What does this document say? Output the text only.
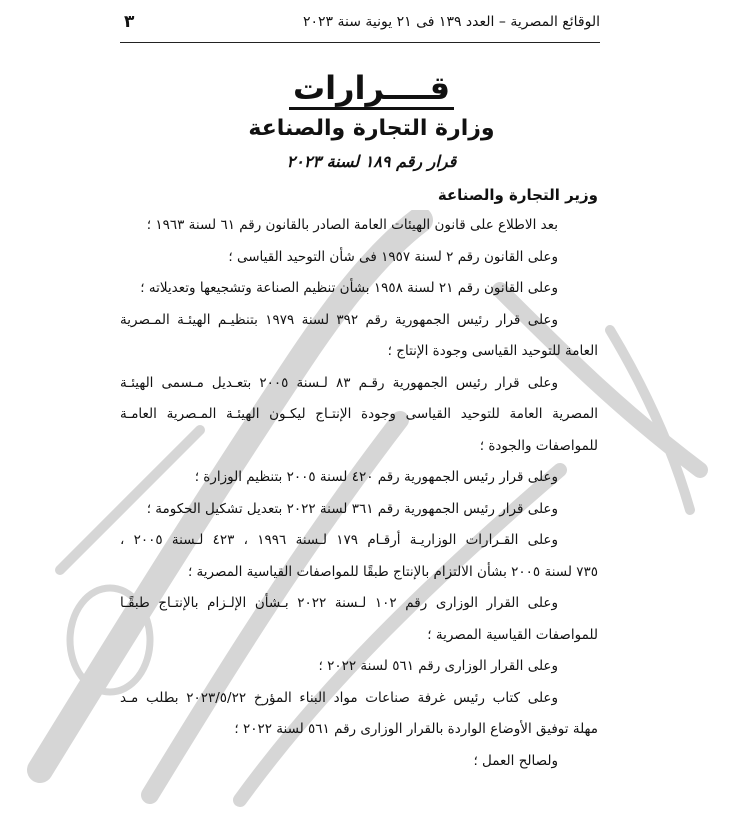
٣	الوقائع المصرية – العدد ١٣٩ فى ٢١ يونية سنة ٢٠٢٣
قــــرارات
وزارة التجارة والصناعة
قرار رقم ١٨٩ لسنة ٢٠٢٣
وزير التجارة والصناعة
بعد الاطلاع على قانون الهيئات العامة الصادر بالقانون رقم ٦١ لسنة ١٩٦٣ ؛
وعلى القانون رقم ٢ لسنة ١٩٥٧ فى شأن التوحيد القياسى ؛
وعلى القانون رقم ٢١ لسنة ١٩٥٨ بشأن تنظيم الصناعة وتشجيعها وتعديلاته ؛
وعلى قرار رئيس الجمهورية رقم ٣٩٢ لسنة ١٩٧٩ بتنظيـم الهيئـة المـصرية
العامة للتوحيد القياسى وجودة الإنتاج ؛
وعلى قرار رئيس الجمهورية رقـم ٨٣ لـسنة ٢٠٠٥ بتعـديل مـسمى الهيئـة
المصرية العامة للتوحيد القياسى وجودة الإنتـاج ليكـون الهيئـة المـصرية العامـة
للمواصفات والجودة ؛
وعلى قرار رئيس الجمهورية رقم ٤٢٠ لسنة ٢٠٠٥ بتنظيم الوزارة ؛
وعلى قرار رئيس الجمهورية رقم ٣٦١ لسنة ٢٠٢٢ بتعديل تشكيل الحكومة ؛
وعلى القـرارات الوزاريـة أرقـام ١٧٩ لـسنة ١٩٩٦ ، ٤٢٣ لـسنة ٢٠٠٥ ،
٧٣٥ لسنة ٢٠٠٥ بشأن الالتزام بالإنتاج طبقًا للمواصفات القياسية المصرية ؛
وعلى القرار الوزارى رقم ١٠٢ لـسنة ٢٠٢٢ بـشأن الإلـزام بالإنتـاج طبقًـا
للمواصفات القياسية المصرية ؛
وعلى القرار الوزارى رقم ٥٦١ لسنة ٢٠٢٢ ؛
وعلى كتاب رئيس غرفة صناعات مواد البناء المؤرخ ٢٠٢٣/٥/٢٢ بطلب مـد
مهلة توفيق الأوضاع الواردة بالقرار الوزارى رقم ٥٦١ لسنة ٢٠٢٢ ؛
ولصالح العمل ؛
